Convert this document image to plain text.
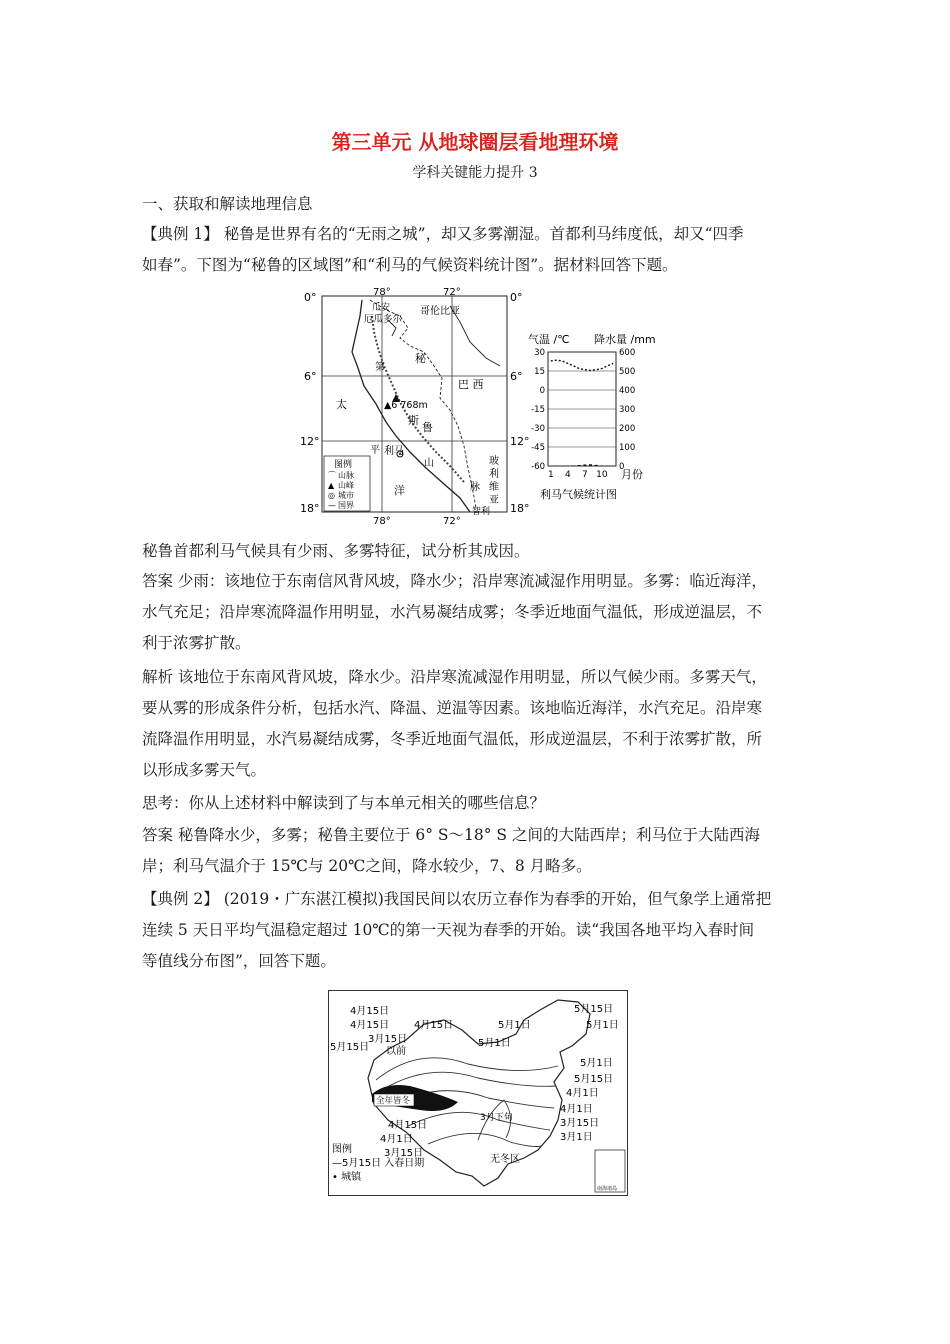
第三单元 从地球圈层看地理环境
学科关键能力提升 3
一、获取和解读地理信息
【典例 1】 秘鲁是世界有名的“无雨之城”，却又多雾潮湿。首都利马纬度低，却又“四季
如春”。下图为“秘鲁的区域图”和“利马的气候资料统计图”。据材料回答下题。
0°	0°
6°	6°
12°	12°
18°	18°
78°	72°
78°	72°
瓜安
厄瓜多尔
哥伦比亚
秘
第
巴 西
太
斯
▲6 768m
鲁
平 利马
山
洋	脉
玻
利
维
亚
智利
图例
⌒ 山脉
▲ 山峰
◎ 城市
— 国界
气温 /℃ 降水量 /mm
30
15
0
-15
-30
-45
-60
600
500
400
300
200
100
0
1 4 7 10 月份
利马气候统计图
秘鲁首都利马气候具有少雨、多雾特征，试分析其成因。
答案 少雨：该地位于东南信风背风坡，降水少；沿岸寒流减湿作用明显。多雾：临近海洋，
水气充足；沿岸寒流降温作用明显，水汽易凝结成雾；冬季近地面气温低，形成逆温层，不
利于浓雾扩散。
解析 该地位于东南风背风坡，降水少。沿岸寒流减湿作用明显，所以气候少雨。多雾天气，
要从雾的形成条件分析，包括水汽、降温、逆温等因素。该地临近海洋，水汽充足。沿岸寒
流降温作用明显，水汽易凝结成雾，冬季近地面气温低，形成逆温层，不利于浓雾扩散，所
以形成多雾天气。
思考：你从上述材料中解读到了与本单元相关的哪些信息？
答案 秘鲁降水少，多雾；秘鲁主要位于 6° S～18° S 之间的大陆西岸；利马位于大陆西海
岸；利马气温介于 15℃与 20℃之间，降水较少，7、8 月略多。
【典例 2】 (2019・广东湛江模拟)我国民间以农历立春作为春季的开始，但气象学上通常把
连续 5 天日平均气温稳定超过 10℃的第一天视为春季的开始。读“我国各地平均入春时间
等值线分布图”，回答下题。
南海诸岛
4月15日
4月15日
3月15日
以前
4月15日
5月15日
5月1日
5月1日
5月15日
5月1日
全年皆冬
4月1日
4月15日
4月1日
3月15日
3月下旬
4月1日
3月15日
3月1日
无冬区
5月15日
5月1日
图例
—5月15日 入春日期
• 城镇
